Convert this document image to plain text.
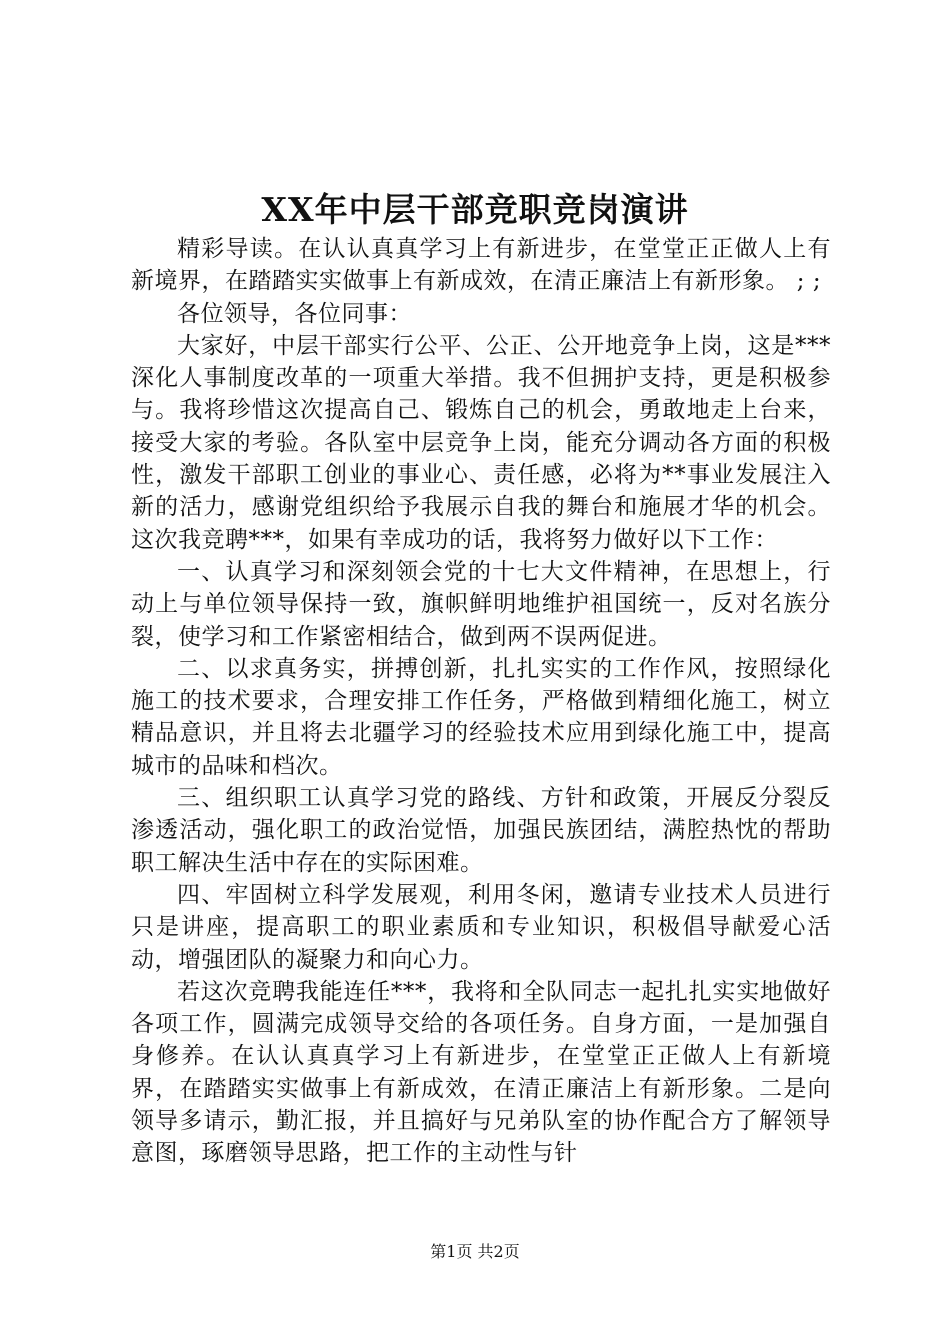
XX年中层干部竞职竞岗演讲

精彩导读。在认认真真学习上有新进步，在堂堂正正做人上有新境界，在踏踏实实做事上有新成效，在清正廉洁上有新形象。 ; ;

各位领导，各位同事：

大家好，中层干部实行公平、公正、公开地竞争上岗，这是***深化人事制度改革的一项重大举措。我不但拥护支持，更是积极参与。我将珍惜这次提高自己、锻炼自己的机会，勇敢地走上台来，接受大家的考验。各队室中层竞争上岗，能充分调动各方面的积极性，激发干部职工创业的事业心、责任感，必将为**事业发展注入新的活力，感谢党组织给予我展示自我的舞台和施展才华的机会。这次我竞聘***，如果有幸成功的话，我将努力做好以下工作：

一、认真学习和深刻领会党的十七大文件精神，在思想上，行动上与单位领导保持一致，旗帜鲜明地维护祖国统一，反对名族分裂，使学习和工作紧密相结合，做到两不误两促进。

二、以求真务实，拼搏创新，扎扎实实的工作作风，按照绿化施工的技术要求，合理安排工作任务，严格做到精细化施工，树立精品意识，并且将去北疆学习的经验技术应用到绿化施工中，提高城市的品味和档次。

三、组织职工认真学习党的路线、方针和政策，开展反分裂反渗透活动，强化职工的政治觉悟，加强民族团结，满腔热忱的帮助职工解决生活中存在的实际困难。

四、牢固树立科学发展观，利用冬闲，邀请专业技术人员进行只是讲座，提高职工的职业素质和专业知识，积极倡导献爱心活动，增强团队的凝聚力和向心力。

若这次竞聘我能连任***，我将和全队同志一起扎扎实实地做好各项工作，圆满完成领导交给的各项任务。自身方面，一是加强自身修养。在认认真真学习上有新进步，在堂堂正正做人上有新境界，在踏踏实实做事上有新成效，在清正廉洁上有新形象。二是向领导多请示，勤汇报，并且搞好与兄弟队室的协作配合方了解领导意图，琢磨领导思路，把工作的主动性与针

第1页 共2页
